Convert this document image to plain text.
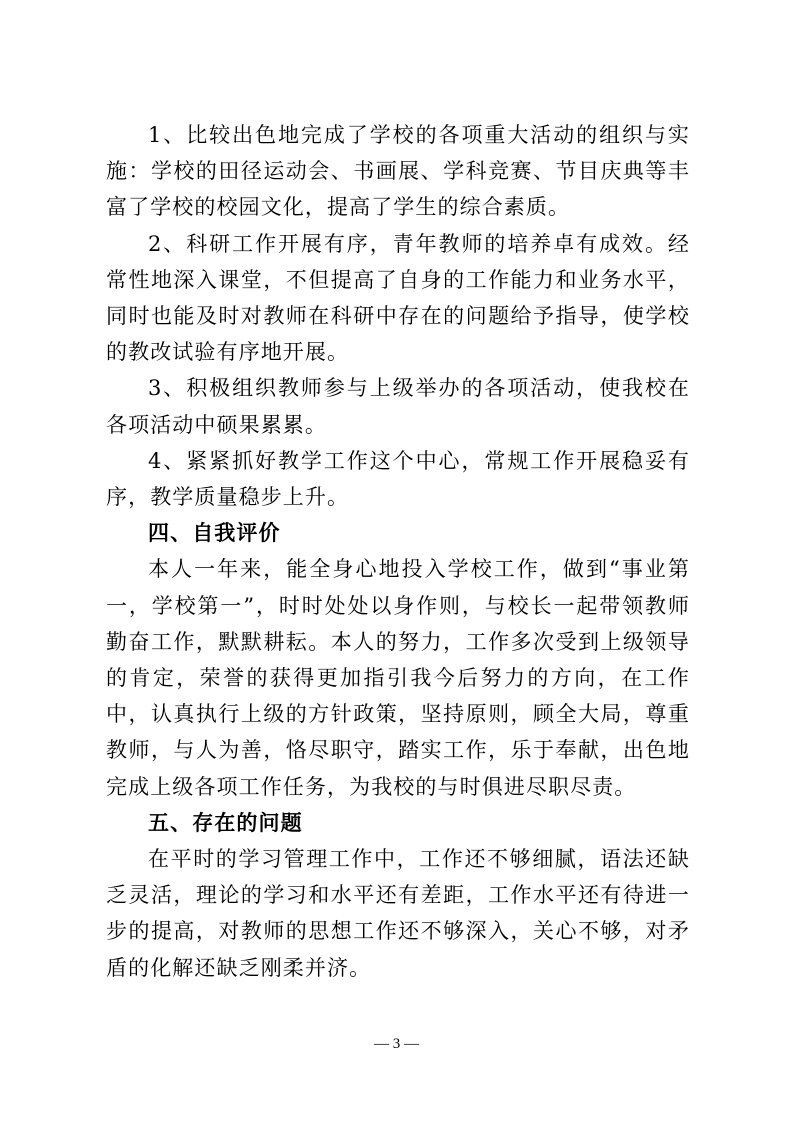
1、比较出色地完成了学校的各项重大活动的组织与实施：学校的田径运动会、书画展、学科竞赛、节目庆典等丰富了学校的校园文化，提高了学生的综合素质。

2、科研工作开展有序，青年教师的培养卓有成效。经常性地深入课堂，不但提高了自身的工作能力和业务水平，同时也能及时对教师在科研中存在的问题给予指导，使学校的教改试验有序地开展。

3、积极组织教师参与上级举办的各项活动，使我校在各项活动中硕果累累。

4、紧紧抓好教学工作这个中心，常规工作开展稳妥有序，教学质量稳步上升。

四、自我评价

本人一年来，能全身心地投入学校工作，做到“事业第一，学校第一”，时时处处以身作则，与校长一起带领教师勤奋工作，默默耕耘。本人的努力，工作多次受到上级领导的肯定，荣誉的获得更加指引我今后努力的方向，在工作中，认真执行上级的方针政策，坚持原则，顾全大局，尊重教师，与人为善，恪尽职守，踏实工作，乐于奉献，出色地完成上级各项工作任务，为我校的与时俱进尽职尽责。

五、存在的问题

在平时的学习管理工作中，工作还不够细腻，语法还缺乏灵活，理论的学习和水平还有差距，工作水平还有待进一步的提高，对教师的思想工作还不够深入，关心不够，对矛盾的化解还缺乏刚柔并济。

— 3 —
